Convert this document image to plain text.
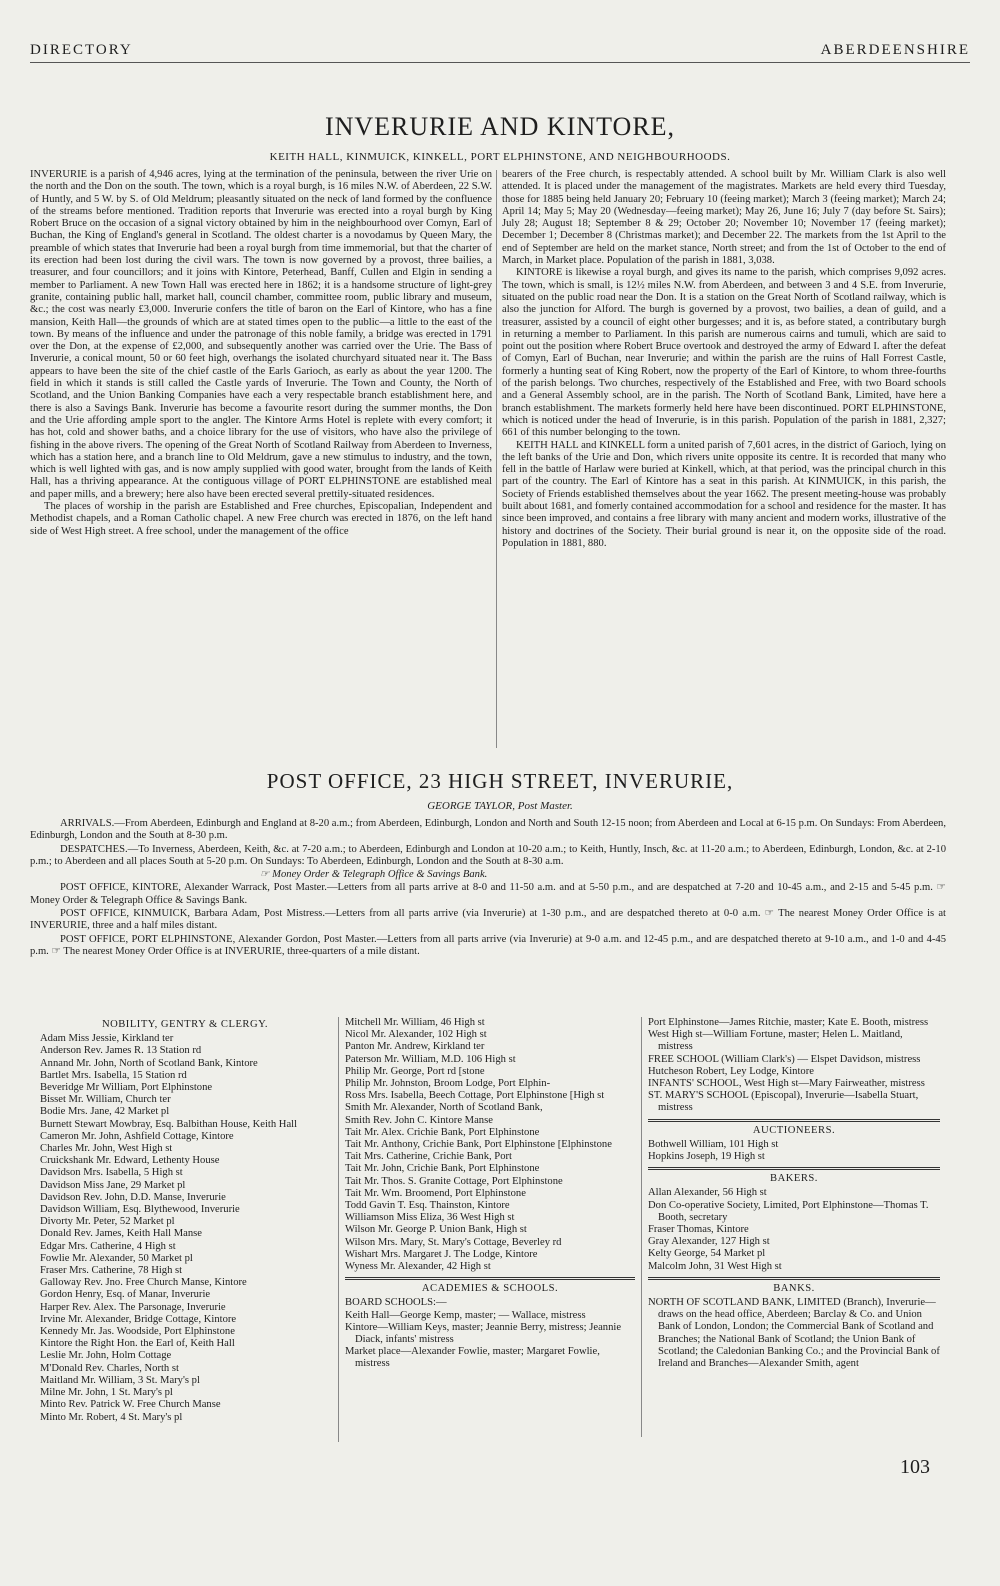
DIRECTORY	ABERDEENSHIRE
INVERURIE AND KINTORE,
KEITH HALL, KINMUICK, KINKELL, PORT ELPHINSTONE, AND NEIGHBOURHOODS.

INVERURIE is a parish of 4,946 acres, lying at the termination of the peninsula, between the river Urie on the north and the Don on the south. The town, which is a royal burgh, is 16 miles N.W. of Aberdeen, 22 S.W. of Huntly, and 5 W. by S. of Old Meldrum; pleasantly situated on the neck of land formed by the confluence of the streams before mentioned. Tradition reports that Inverurie was erected into a royal burgh by King Robert Bruce on the occasion of a signal victory obtained by him in the neighbourhood over Comyn, Earl of Buchan, the King of England's general in Scotland. The oldest charter is a novodamus by Queen Mary, the preamble of which states that Inverurie had been a royal burgh from time immemorial, but that the charter of its erection had been lost during the civil wars. The town is now governed by a provost, three bailies, a treasurer, and four councillors; and it joins with Kintore, Peterhead, Banff, Cullen and Elgin in sending a member to Parliament. A new Town Hall was erected here in 1862; it is a handsome structure of light-grey granite, containing public hall, market hall, council chamber, committee room, public library and museum, &c.; the cost was nearly £3,000. Inverurie confers the title of baron on the Earl of Kintore, who has a fine mansion, Keith Hall—the grounds of which are at stated times open to the public—a little to the east of the town. By means of the influence and under the patronage of this noble family, a bridge was erected in 1791 over the Don, at the expense of £2,000, and subsequently another was carried over the Urie. The Bass of Inverurie, a conical mount, 50 or 60 feet high, overhangs the isolated churchyard situated near it. The Bass appears to have been the site of the chief castle of the Earls Garioch, as early as about the year 1200. The field in which it stands is still called the Castle yards of Inverurie. The Town and County, the North of Scotland, and the Union Banking Companies have each a very respectable branch establishment here, and there is also a Savings Bank. Inverurie has become a favourite resort during the summer months, the Don and the Urie affording ample sport to the angler. The Kintore Arms Hotel is replete with every comfort; it has hot, cold and shower baths, and a choice library for the use of visitors, who have also the privilege of fishing in the above rivers. The opening of the Great North of Scotland Railway from Aberdeen to Inverness, which has a station here, and a branch line to Old Meldrum, gave a new stimulus to industry, and the town, which is well lighted with gas, and is now amply supplied with good water, brought from the lands of Keith Hall, has a thriving appearance. At the contiguous village of PORT ELPHINSTONE are established meal and paper mills, and a brewery; here also have been erected several prettily-situated residences.

The places of worship in the parish are Established and Free churches, Episcopalian, Independent and Methodist chapels, and a Roman Catholic chapel. A new Free church was erected in 1876, on the left hand side of West High street. A free school, under the management of the office

bearers of the Free church, is respectably attended. A school built by Mr. William Clark is also well attended. It is placed under the management of the magistrates. Markets are held every third Tuesday, those for 1885 being held January 20; February 10 (feeing market); March 3 (feeing market); March 24; April 14; May 5; May 20 (Wednesday—feeing market); May 26, June 16; July 7 (day before St. Sairs); July 28; August 18; September 8 & 29; October 20; November 10; November 17 (feeing market); December 1; December 8 (Christmas market); and December 22. The markets from the 1st April to the end of September are held on the market stance, North street; and from the 1st of October to the end of March, in Market place. Population of the parish in 1881, 3,038.

KINTORE is likewise a royal burgh, and gives its name to the parish, which comprises 9,092 acres. The town, which is small, is 12½ miles N.W. from Aberdeen, and between 3 and 4 S.E. from Inverurie, situated on the public road near the Don. It is a station on the Great North of Scotland railway, which is also the junction for Alford. The burgh is governed by a provost, two bailies, a dean of guild, and a treasurer, assisted by a council of eight other burgesses; and it is, as before stated, a contributary burgh in returning a member to Parliament. In this parish are numerous cairns and tumuli, which are said to point out the position where Robert Bruce overtook and destroyed the army of Edward I. after the defeat of Comyn, Earl of Buchan, near Inverurie; and within the parish are the ruins of Hall Forrest Castle, formerly a hunting seat of King Robert, now the property of the Earl of Kintore, to whom three-fourths of the parish belongs. Two churches, respectively of the Established and Free, with two Board schools and a General Assembly school, are in the parish. The North of Scotland Bank, Limited, have here a branch establishment. The markets formerly held here have been discontinued. PORT ELPHINSTONE, which is noticed under the head of Inverurie, is in this parish. Population of the parish in 1881, 2,327; 661 of this number belonging to the town.

KEITH HALL and KINKELL form a united parish of 7,601 acres, in the district of Garioch, lying on the left banks of the Urie and Don, which rivers unite opposite its centre. It is recorded that many who fell in the battle of Harlaw were buried at Kinkell, which, at that period, was the principal church in this part of the country. The Earl of Kintore has a seat in this parish. At KINMUICK, in this parish, the Society of Friends established themselves about the year 1662. The present meeting-house was probably built about 1681, and fomerly contained accommodation for a school and residence for the master. It has since been improved, and contains a free library with many ancient and modern works, illustrative of the history and doctrines of the Society. Their burial ground is near it, on the opposite side of the road. Population in 1881, 880.

POST OFFICE, 23 HIGH STREET, INVERURIE,
GEORGE TAYLOR, Post Master.

ARRIVALS.—From Aberdeen, Edinburgh and England at 8-20 a.m.; from Aberdeen, Edinburgh, London and North and South 12-15 noon; from Aberdeen and Local at 6-15 p.m. On Sundays: From Aberdeen, Edinburgh, London and the South at 8-30 p.m.

DESPATCHES.—To Inverness, Aberdeen, Keith, &c. at 7-20 a.m.; to Aberdeen, Edinburgh and London at 10-20 a.m.; to Keith, Huntly, Insch, &c. at 11-20 a.m.; to Aberdeen, Edinburgh, London, &c. at 2-10 p.m.; to Aberdeen and all places South at 5-20 p.m. On Sundays: To Aberdeen, Edinburgh, London and the South at 8-30 a.m.

☞ Money Order & Telegraph Office & Savings Bank.

POST OFFICE, KINTORE, Alexander Warrack, Post Master.—Letters from all parts arrive at 8-0 and 11-50 a.m. and at 5-50 p.m., and are despatched at 7-20 and 10-45 a.m., and 2-15 and 5-45 p.m. ☞ Money Order & Telegraph Office & Savings Bank.

POST OFFICE, KINMUICK, Barbara Adam, Post Mistress.—Letters from all parts arrive (via Inverurie) at 1-30 p.m., and are despatched thereto at 0-0 a.m. ☞ The nearest Money Order Office is at INVERURIE, three and a half miles distant.

POST OFFICE, PORT ELPHINSTONE, Alexander Gordon, Post Master.—Letters from all parts arrive (via Inverurie) at 9-0 a.m. and 12-45 p.m., and are despatched thereto at 9-10 a.m., and 1-0 and 4-45 p.m. ☞ The nearest Money Order Office is at INVERURIE, three-quarters of a mile distant.

NOBILITY, GENTRY & CLERGY.
Adam Miss Jessie, Kirkland ter
Anderson Rev. James R. 13 Station rd
Annand Mr. John, North of Scotland Bank, Kintore
Bartlet Mrs. Isabella, 15 Station rd
Beveridge Mr William, Port Elphinstone
Bisset Mr. William, Church ter
Bodie Mrs. Jane, 42 Market pl
Burnett Stewart Mowbray, Esq. Balbithan House, Keith Hall
Cameron Mr. John, Ashfield Cottage, Kintore
Charles Mr. John, West High st
Cruickshank Mr. Edward, Lethenty House
Davidson Mrs. Isabella, 5 High st
Davidson Miss Jane, 29 Market pl
Davidson Rev. John, D.D. Manse, Inverurie
Davidson William, Esq. Blythewood, Inverurie
Divorty Mr. Peter, 52 Market pl
Donald Rev. James, Keith Hall Manse
Edgar Mrs. Catherine, 4 High st
Fowlie Mr. Alexander, 50 Market pl
Fraser Mrs. Catherine, 78 High st
Galloway Rev. Jno. Free Church Manse, Kintore
Gordon Henry, Esq. of Manar, Inverurie
Harper Rev. Alex. The Parsonage, Inverurie
Irvine Mr. Alexander, Bridge Cottage, Kintore
Kennedy Mr. Jas. Woodside, Port Elphinstone
Kintore the Right Hon. the Earl of, Keith Hall
Leslie Mr. John, Holm Cottage
M'Donald Rev. Charles, North st
Maitland Mr. William, 3 St. Mary's pl
Milne Mr. John, 1 St. Mary's pl
Minto Rev. Patrick W. Free Church Manse
Minto Mr. Robert, 4 St. Mary's pl
Mitchell Mr. William, 46 High st
Nicol Mr. Alexander, 102 High st
Panton Mr. Andrew, Kirkland ter
Paterson Mr. William, M.D. 106 High st
Philip Mr. George, Port rd [stone
Philip Mr. Johnston, Broom Lodge, Port Elphin-
Ross Mrs. Isabella, Beech Cottage, Port Elphinstone [High st
Smith Mr. Alexander, North of Scotland Bank,
Smith Rev. John C. Kintore Manse
Tait Mr. Alex. Crichie Bank, Port Elphinstone
Tait Mr. Anthony, Crichie Bank, Port Elphinstone [Elphinstone
Tait Mrs. Catherine, Crichie Bank, Port
Tait Mr. John, Crichie Bank, Port Elphinstone
Tait Mr. Thos. S. Granite Cottage, Port Elphinstone
Tait Mr. Wm. Broomend, Port Elphinstone
Todd Gavin T. Esq. Thainston, Kintore
Williamson Miss Eliza, 36 West High st
Wilson Mr. George P. Union Bank, High st
Wilson Mrs. Mary, St. Mary's Cottage, Beverley rd
Wishart Mrs. Margaret J. The Lodge, Kintore
Wyness Mr. Alexander, 42 High st
ACADEMIES & SCHOOLS.
BOARD SCHOOLS:—
Keith Hall—George Kemp, master; — Wallace, mistress
Kintore—William Keys, master; Jeannie Berry, mistress; Jeannie Diack, infants' mistress
Market place—Alexander Fowlie, master; Margaret Fowlie, mistress
Port Elphinstone—James Ritchie, master; Kate E. Booth, mistress
West High st—William Fortune, master; Helen L. Maitland, mistress
FREE SCHOOL (William Clark's) — Elspet Davidson, mistress
Hutcheson Robert, Ley Lodge, Kintore
INFANTS' SCHOOL, West High st—Mary Fairweather, mistress
ST. MARY'S SCHOOL (Episcopal), Inverurie—Isabella Stuart, mistress
AUCTIONEERS.
Bothwell William, 101 High st
Hopkins Joseph, 19 High st
BAKERS.
Allan Alexander, 56 High st
Don Co-operative Society, Limited, Port Elphinstone—Thomas T. Booth, secretary
Fraser Thomas, Kintore
Gray Alexander, 127 High st
Kelty George, 54 Market pl
Malcolm John, 31 West High st
BANKS.
NORTH OF SCOTLAND BANK, LIMITED (Branch), Inverurie—draws on the head office, Aberdeen; Barclay & Co. and Union Bank of London, London; the Commercial Bank of Scotland and Branches; the National Bank of Scotland; the Union Bank of Scotland; the Caledonian Banking Co.; and the Provincial Bank of Ireland and Branches—Alexander Smith, agent
103
